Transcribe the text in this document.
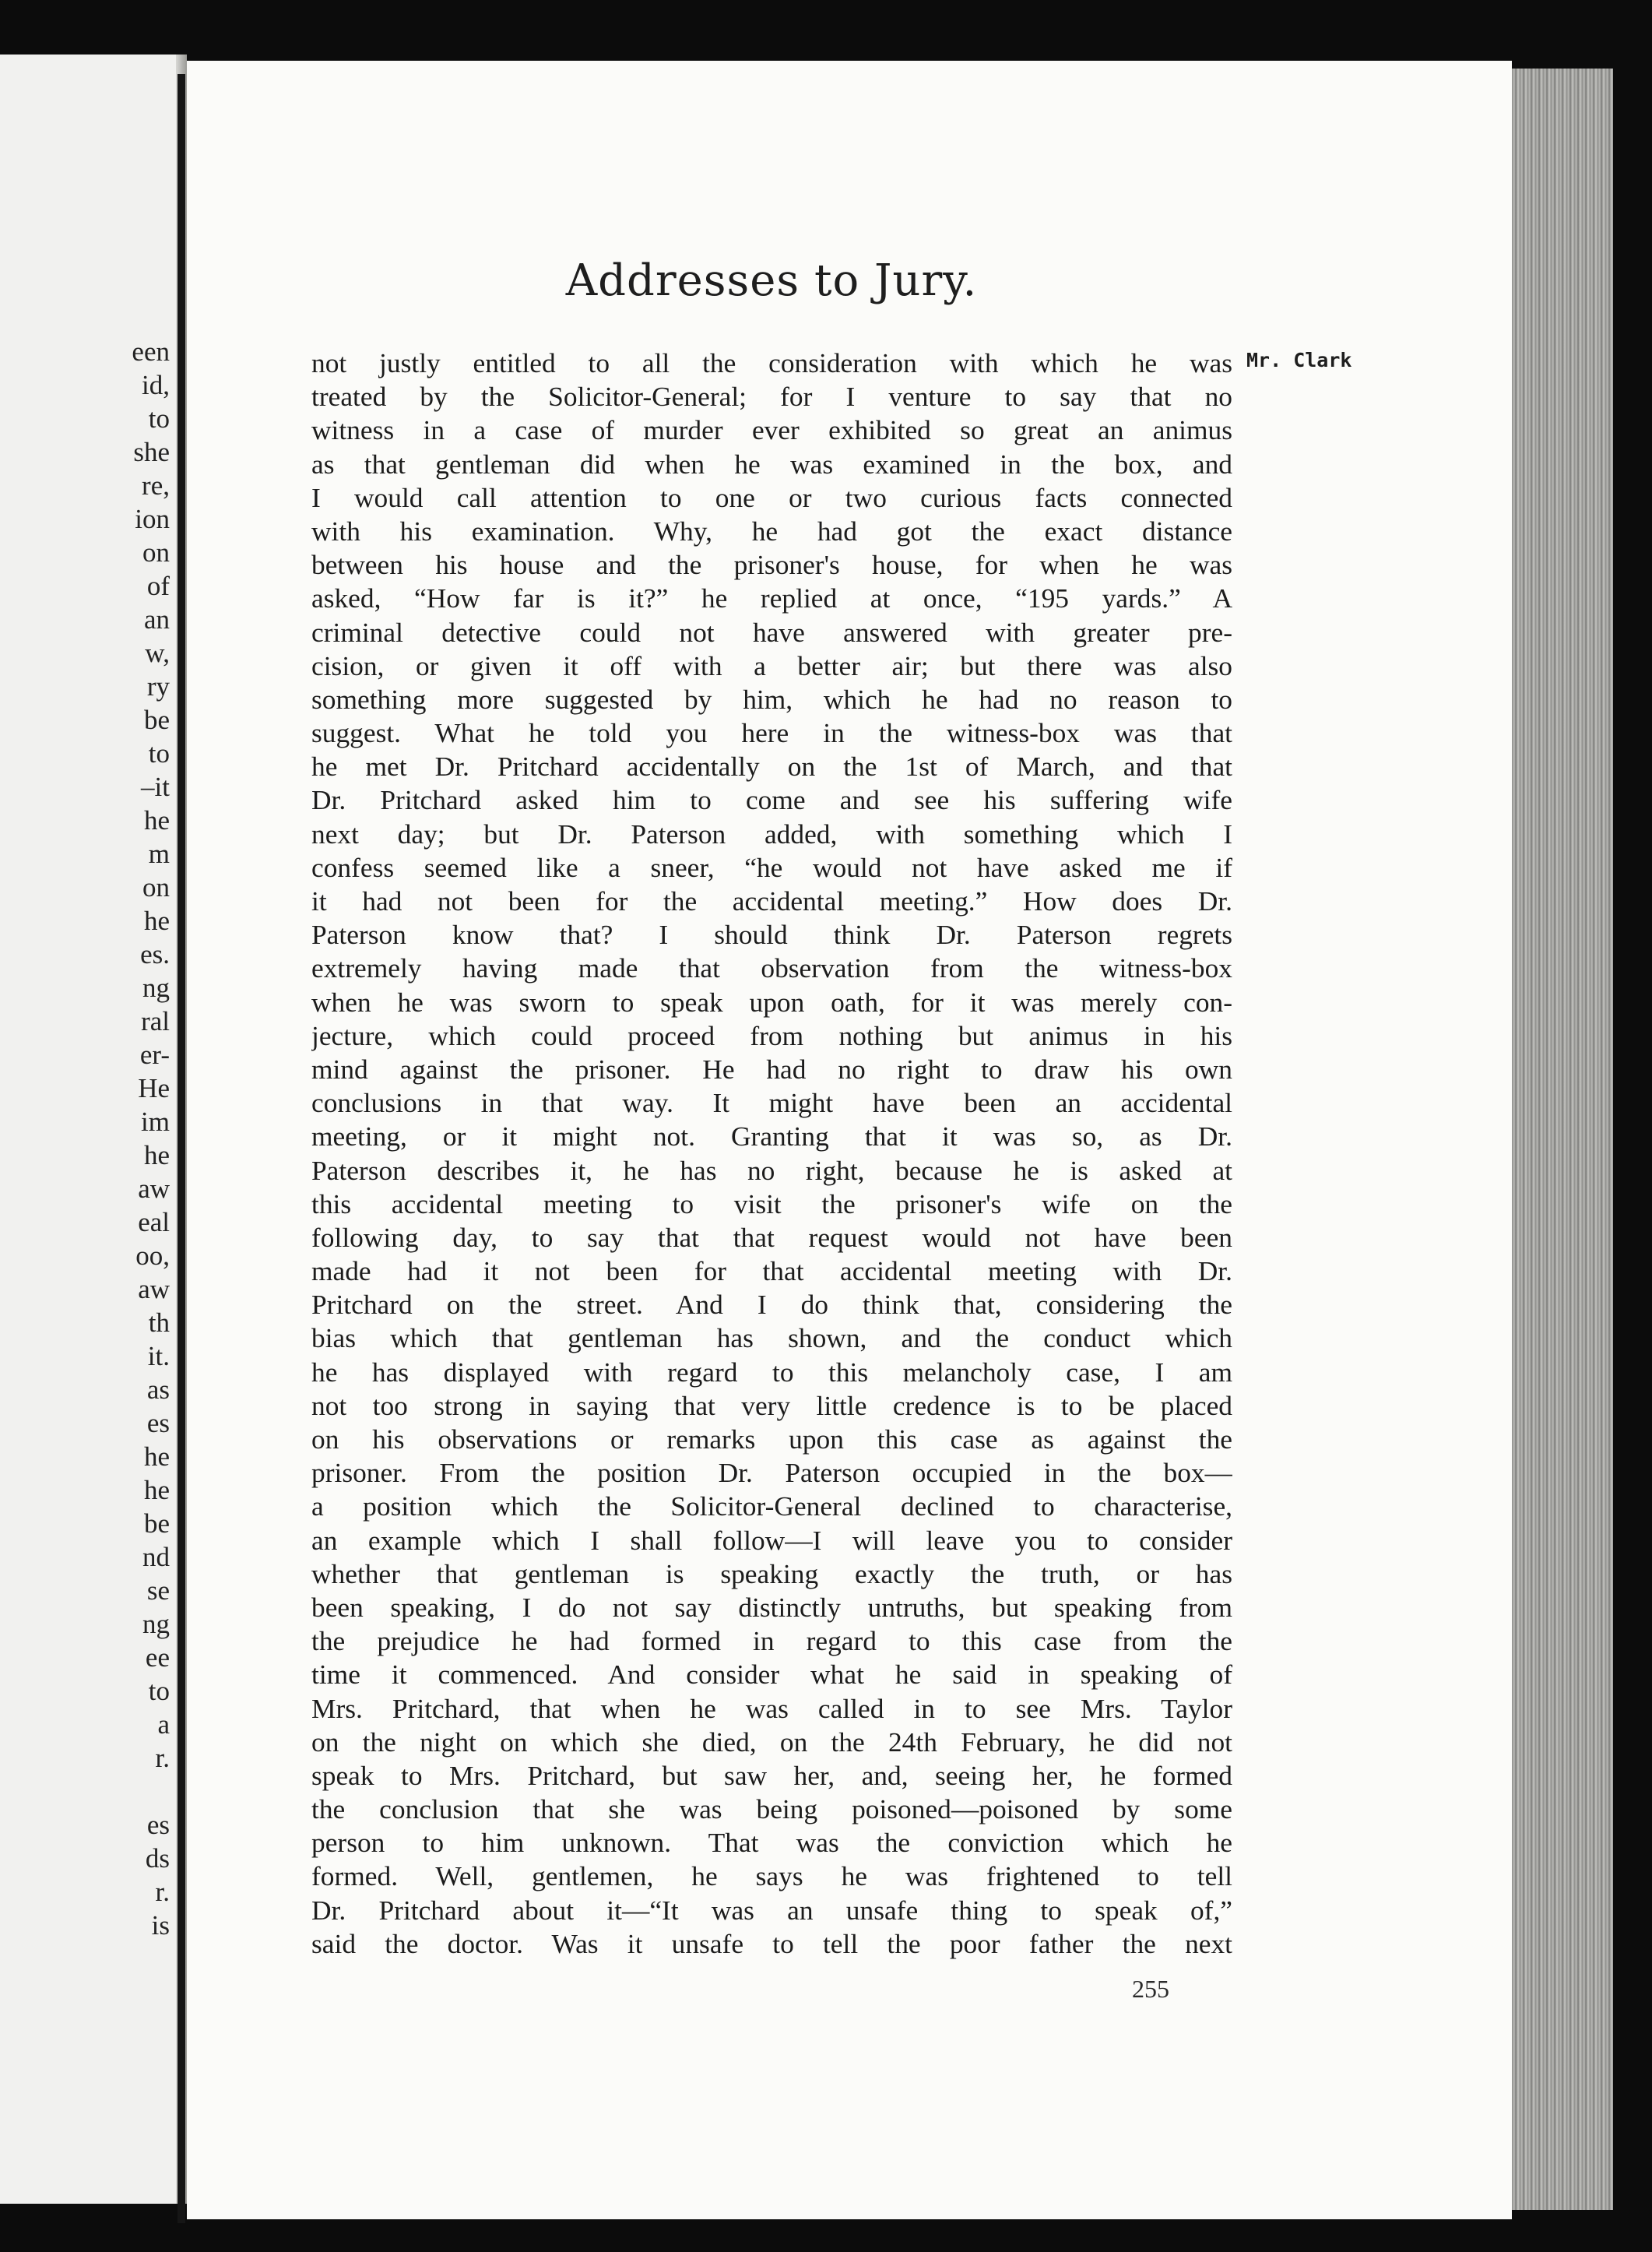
een
id,
to
she
re,
ion
on
of
an
w,
ry
be
to
–it
he
m
on
he
es.
ng
ral
er-
He
im
he
aw
eal
oo,
aw
th
it.
as
es
he
he
be
nd
se
ng
ee
to
a
r.

es
ds
r.
is
Addresses to Jury.
Mr. Clark
not justly entitled to all the consideration with which he was
treated by the Solicitor-General; for I venture to say that no
witness in a case of murder ever exhibited so great an animus
as that gentleman did when he was examined in the box, and
I would call attention to one or two curious facts connected
with his examination. Why, he had got the exact distance
between his house and the prisoner's house, for when he was
asked, “How far is it?” he replied at once, “195 yards.” A
criminal detective could not have answered with greater pre-
cision, or given it off with a better air; but there was also
something more suggested by him, which he had no reason to
suggest. What he told you here in the witness-box was that
he met Dr. Pritchard accidentally on the 1st of March, and that
Dr. Pritchard asked him to come and see his suffering wife
next day; but Dr. Paterson added, with something which I
confess seemed like a sneer, “he would not have asked me if
it had not been for the accidental meeting.” How does Dr.
Paterson know that? I should think Dr. Paterson regrets
extremely having made that observation from the witness-box
when he was sworn to speak upon oath, for it was merely con-
jecture, which could proceed from nothing but animus in his
mind against the prisoner. He had no right to draw his own
conclusions in that way. It might have been an accidental
meeting, or it might not. Granting that it was so, as Dr.
Paterson describes it, he has no right, because he is asked at
this accidental meeting to visit the prisoner's wife on the
following day, to say that that request would not have been
made had it not been for that accidental meeting with Dr.
Pritchard on the street. And I do think that, considering the
bias which that gentleman has shown, and the conduct which
he has displayed with regard to this melancholy case, I am
not too strong in saying that very little credence is to be placed
on his observations or remarks upon this case as against the
prisoner. From the position Dr. Paterson occupied in the box—
a position which the Solicitor-General declined to characterise,
an example which I shall follow—I will leave you to consider
whether that gentleman is speaking exactly the truth, or has
been speaking, I do not say distinctly untruths, but speaking from
the prejudice he had formed in regard to this case from the
time it commenced. And consider what he said in speaking of
Mrs. Pritchard, that when he was called in to see Mrs. Taylor
on the night on which she died, on the 24th February, he did not
speak to Mrs. Pritchard, but saw her, and, seeing her, he formed
the conclusion that she was being poisoned—poisoned by some
person to him unknown. That was the conviction which he
formed. Well, gentlemen, he says he was frightened to tell
Dr. Pritchard about it—“It was an unsafe thing to speak of,”
said the doctor. Was it unsafe to tell the poor father the next
255
